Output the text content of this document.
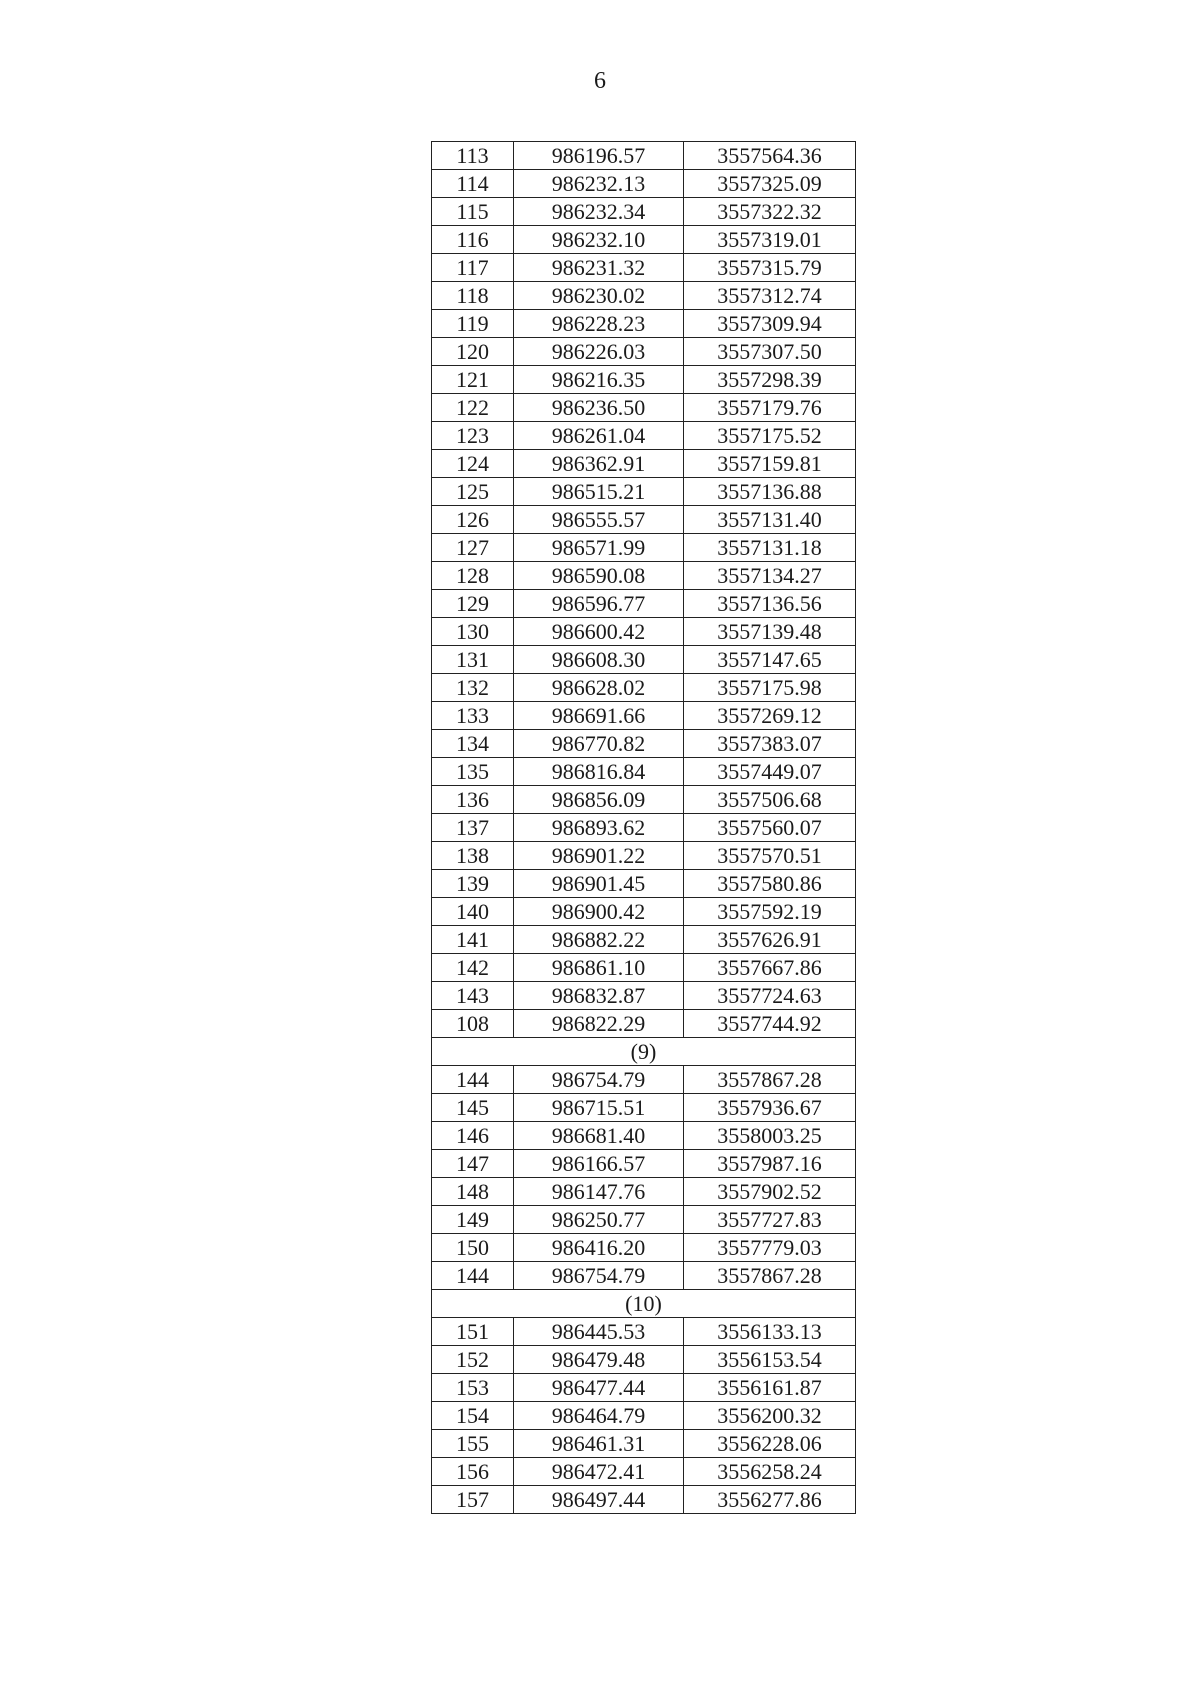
6
113	986196.57	3557564.36
114	986232.13	3557325.09
115	986232.34	3557322.32
116	986232.10	3557319.01
117	986231.32	3557315.79
118	986230.02	3557312.74
119	986228.23	3557309.94
120	986226.03	3557307.50
121	986216.35	3557298.39
122	986236.50	3557179.76
123	986261.04	3557175.52
124	986362.91	3557159.81
125	986515.21	3557136.88
126	986555.57	3557131.40
127	986571.99	3557131.18
128	986590.08	3557134.27
129	986596.77	3557136.56
130	986600.42	3557139.48
131	986608.30	3557147.65
132	986628.02	3557175.98
133	986691.66	3557269.12
134	986770.82	3557383.07
135	986816.84	3557449.07
136	986856.09	3557506.68
137	986893.62	3557560.07
138	986901.22	3557570.51
139	986901.45	3557580.86
140	986900.42	3557592.19
141	986882.22	3557626.91
142	986861.10	3557667.86
143	986832.87	3557724.63
108	986822.29	3557744.92
(9)		
144	986754.79	3557867.28
145	986715.51	3557936.67
146	986681.40	3558003.25
147	986166.57	3557987.16
148	986147.76	3557902.52
149	986250.77	3557727.83
150	986416.20	3557779.03
144	986754.79	3557867.28
(10)		
151	986445.53	3556133.13
152	986479.48	3556153.54
153	986477.44	3556161.87
154	986464.79	3556200.32
155	986461.31	3556228.06
156	986472.41	3556258.24
157	986497.44	3556277.86
